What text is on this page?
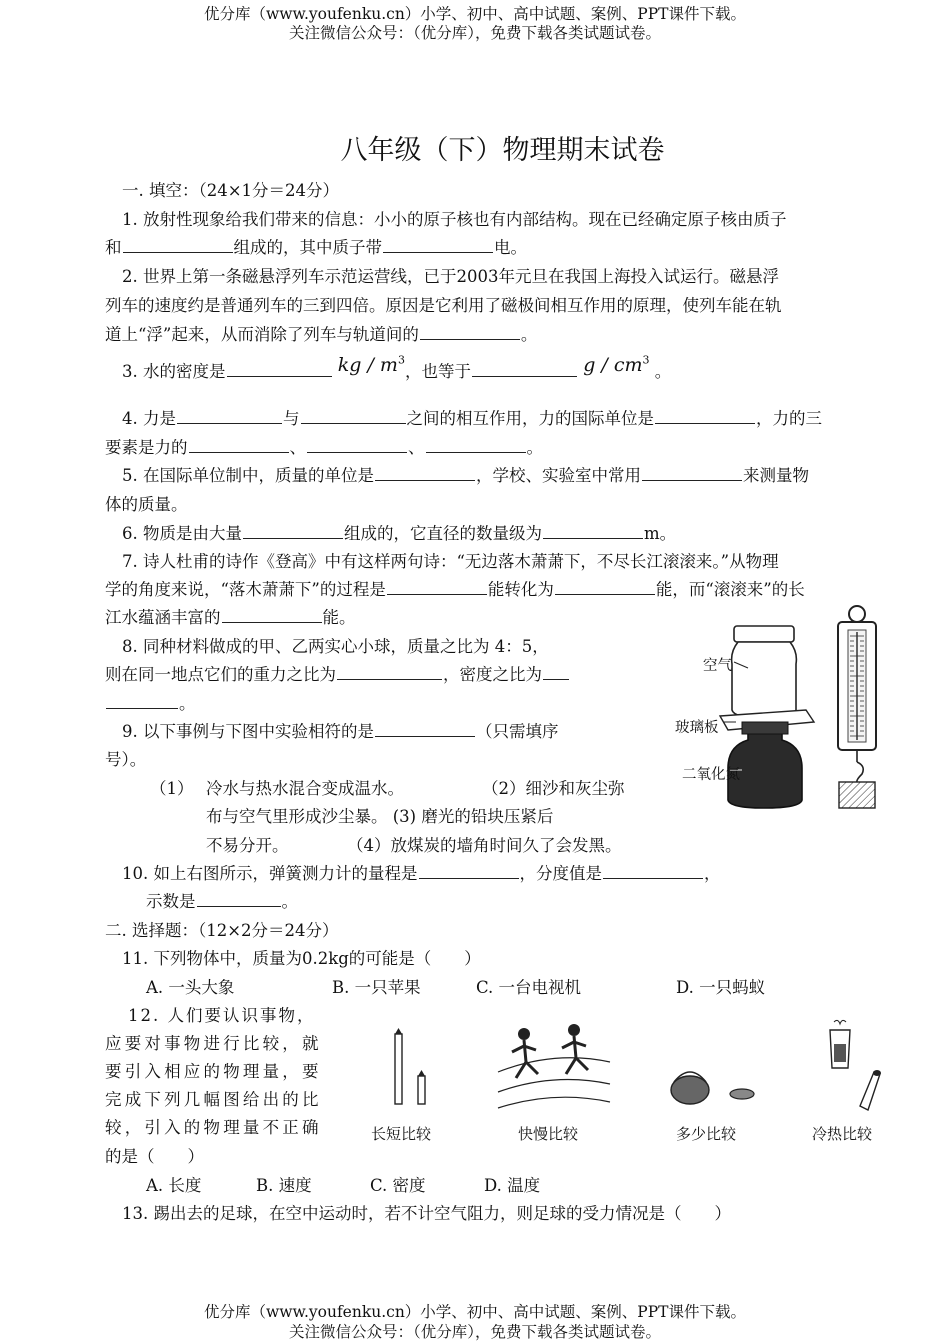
优分库（www.youfenku.cn）小学、初中、高中试题、案例、PPT课件下载。
关注微信公众号：（优分库），免费下载各类试题试卷。
八年级（下）物理期末试卷
一. 填空：（24×1分＝24分）
1. 放射性现象给我们带来的信息：小小的原子核也有内部结构。现在已经确定原子核由质子
和	组成的，其中质子带	电。
2. 世界上第一条磁悬浮列车示范运营线，已于2003年元旦在我国上海投入试运行。磁悬浮
列车的速度约是普通列车的三到四倍。原因是它利用了磁极间相互作用的原理，使列车能在轨
道上“浮”起来，从而消除了列车与轨道间的	。
3. 水的密度是	kg / $m^3$，也等于	g / $cm^3$ 。
4. 力是	与	之间的相互作用，力的国际单位是	，力的三
要素是力的	、	、	。
5. 在国际单位制中，质量的单位是	，学校、实验室中常用	来测量物
体的质量。
6. 物质是由大量	组成的，它直径的数量级为	m。
7. 诗人杜甫的诗作《登高》中有这样两句诗：“无边落木萧萧下，不尽长江滚滚来。”从物理
学的角度来说，“落木萧萧下”的过程是	能转化为	能，而“滚滚来”的长
江水蕴涵丰富的	能。
8. 同种材料做成的甲、乙两实心小球，质量之比为 4：5，
则在同一地点它们的重力之比为	，密度之比为
。
9. 以下事例与下图中实验相符的是	（只需填序
号）。
（1） 冷水与热水混合变成温水。	（2）细沙和灰尘弥
布与空气里形成沙尘暴。 (3) 磨光的铅块压紧后
不易分开。	（4）放煤炭的墙角时间久了会发黑。
10. 如上右图所示，弹簧测力计的量程是	，分度值是	，
示数是	。
二. 选择题：（12×2分＝24分）
11. 下列物体中，质量为0.2kg的可能是（　　）
A. 一头大象	B. 一只苹果	C. 一台电视机	D. 一只蚂蚁
12. 人们要认识事物，
应要对事物进行比较，就
要引入相应的物理量，要
完成下列几幅图给出的比
较，引入的物理量不正确
的是（　　）
A. 长度	B. 速度	C. 密度	D. 温度
13. 踢出去的足球，在空中运动时，若不计空气阻力，则足球的受力情况是（　　）
空气
玻璃板
二氧化氮
长短比较	快慢比较	多少比较	冷热比较
优分库（www.youfenku.cn）小学、初中、高中试题、案例、PPT课件下载。
关注微信公众号：（优分库），免费下载各类试题试卷。
